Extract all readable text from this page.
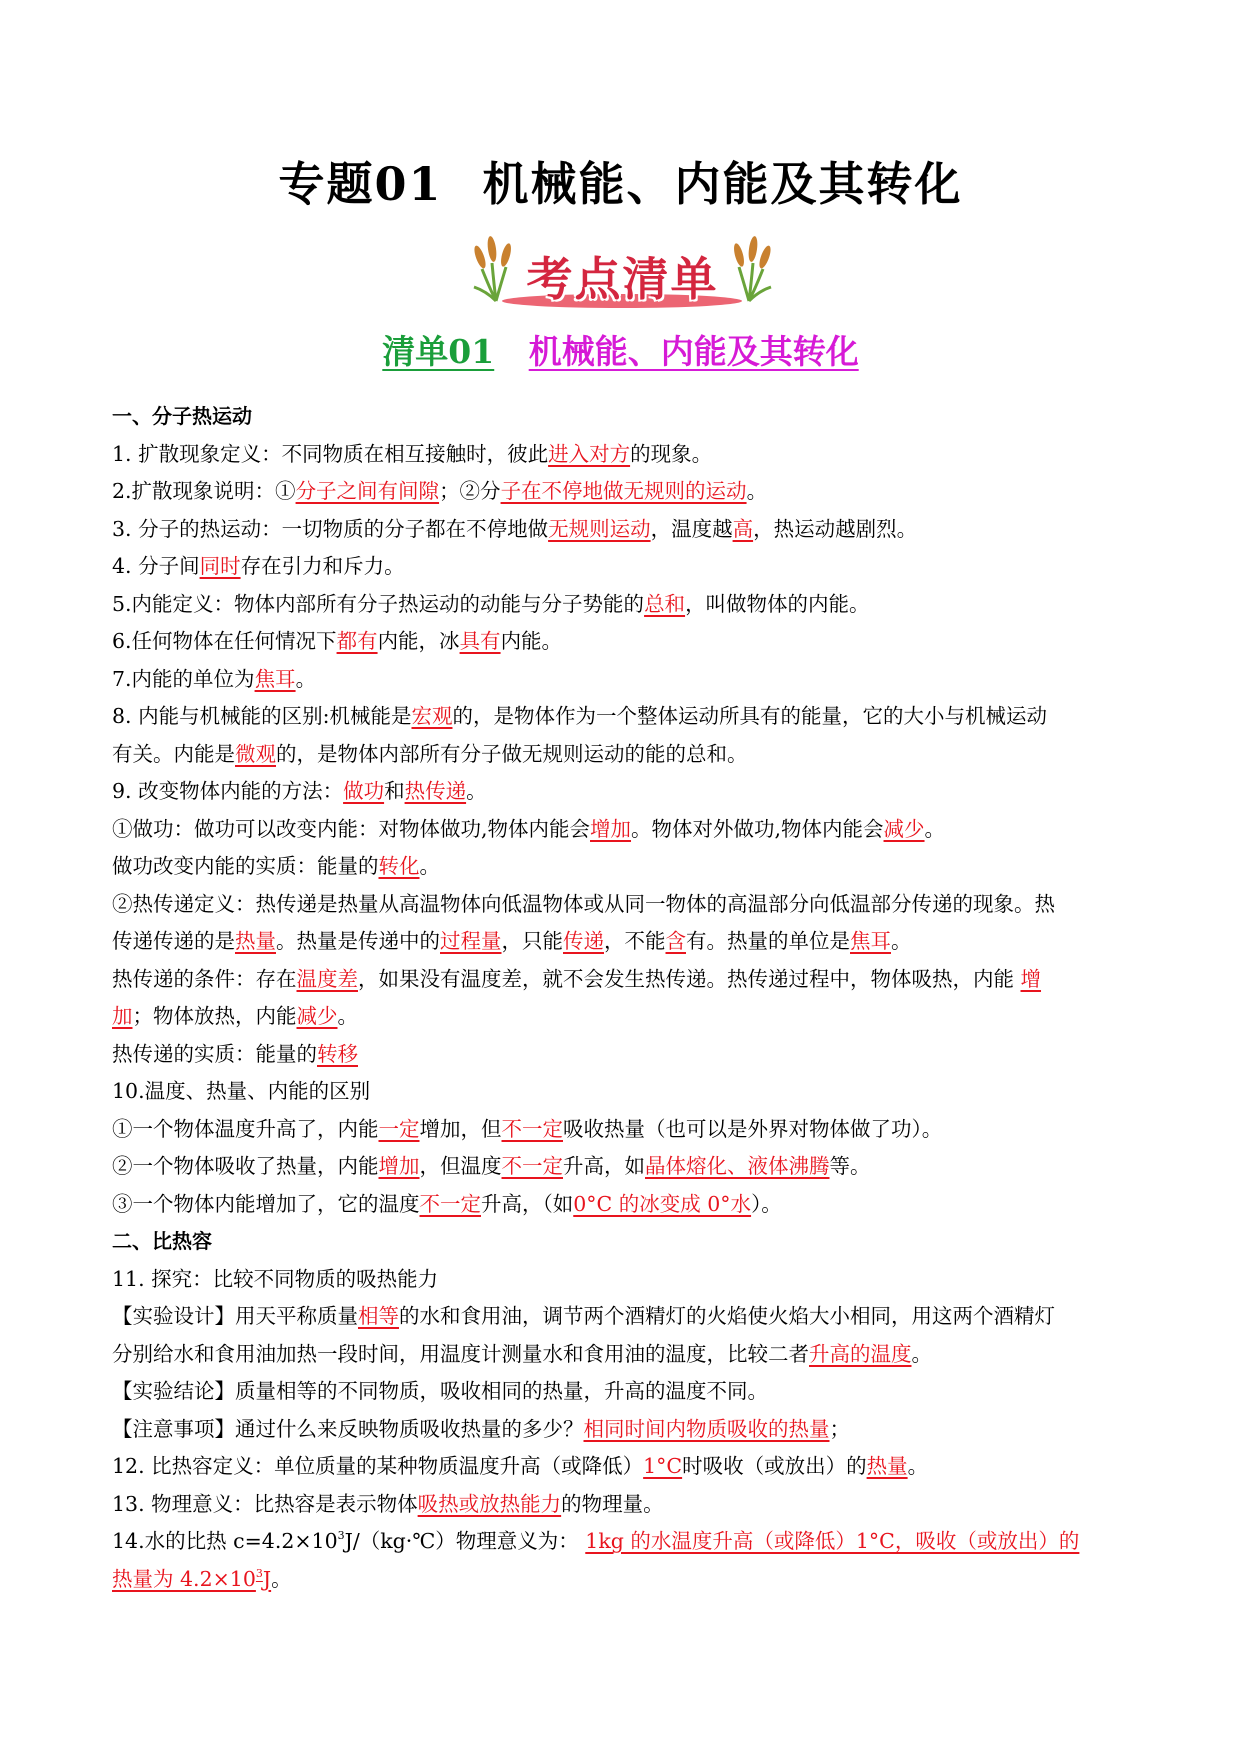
专题01 机械能、内能及其转化
考点清单
清单01 机械能、内能及其转化
一、分子热运动
1. 扩散现象定义：不同物质在相互接触时，彼此进入对方的现象。
2.扩散现象说明：①分子之间有间隙；②分子在不停地做无规则的运动。
3. 分子的热运动：一切物质的分子都在不停地做无规则运动，温度越高，热运动越剧烈。
4. 分子间同时存在引力和斥力。
5.内能定义：物体内部所有分子热运动的动能与分子势能的总和，叫做物体的内能。
6.任何物体在任何情况下都有内能，冰具有内能。
7.内能的单位为焦耳。
8. 内能与机械能的区别:机械能是宏观的，是物体作为一个整体运动所具有的能量，它的大小与机械运动
有关。内能是微观的，是物体内部所有分子做无规则运动的能的总和。
9. 改变物体内能的方法：做功和热传递。
①做功：做功可以改变内能：对物体做功,物体内能会增加。物体对外做功,物体内能会减少。
做功改变内能的实质：能量的转化。
②热传递定义：热传递是热量从高温物体向低温物体或从同一物体的高温部分向低温部分传递的现象。热
传递传递的是热量。热量是传递中的过程量，只能传递，不能含有。热量的单位是焦耳。
热传递的条件：存在温度差，如果没有温度差，就不会发生热传递。热传递过程中，物体吸热，内能 增
加；物体放热，内能减少。
热传递的实质：能量的转移
10.温度、热量、内能的区别
①一个物体温度升高了，内能一定增加，但不一定吸收热量（也可以是外界对物体做了功）。
②一个物体吸收了热量，内能增加，但温度不一定升高，如晶体熔化、液体沸腾等。
③一个物体内能增加了，它的温度不一定升高，（如0°C 的冰变成 0°水）。
二、比热容
11. 探究：比较不同物质的吸热能力
【实验设计】用天平称质量相等的水和食用油，调节两个酒精灯的火焰使火焰大小相同，用这两个酒精灯
分别给水和食用油加热一段时间，用温度计测量水和食用油的温度，比较二者升高的温度。
【实验结论】质量相等的不同物质，吸收相同的热量，升高的温度不同。
【注意事项】通过什么来反映物质吸收热量的多少？相同时间内物质吸收的热量；
12. 比热容定义：单位质量的某种物质温度升高（或降低）1°C时吸收（或放出）的热量。
13. 物理意义：比热容是表示物体吸热或放热能力的物理量。
14.水的比热 $c=4.2\times 10^3J/(kg\cdot℃)$物理意义为： 1kg 的水温度升高（或降低）1°C，吸收（或放出）的
热量为 $4.2\times 10^3J$。
